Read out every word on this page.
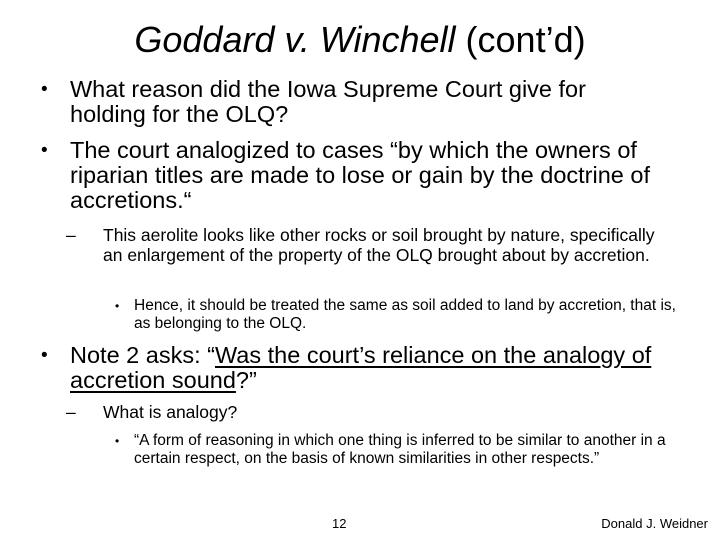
Goddard v. Winchell (cont’d)
• What reason did the Iowa Supreme Court give for holding for the OLQ?
• The court analogized to cases “by which the owners of riparian titles are made to lose or gain by the doctrine of accretions.“
– This aerolite looks like other rocks or soil brought by nature, specifically an enlargement of the property of the OLQ brought about by accretion.
• Hence, it should be treated the same as soil added to land by accretion, that is, as belonging to the OLQ.
• Note 2 asks: “Was the court’s reliance on the analogy of accretion sound?”
– What is analogy?
• “A form of reasoning in which one thing is inferred to be similar to another in a certain respect, on the basis of known similarities in other respects.”
12	Donald J. Weidner
